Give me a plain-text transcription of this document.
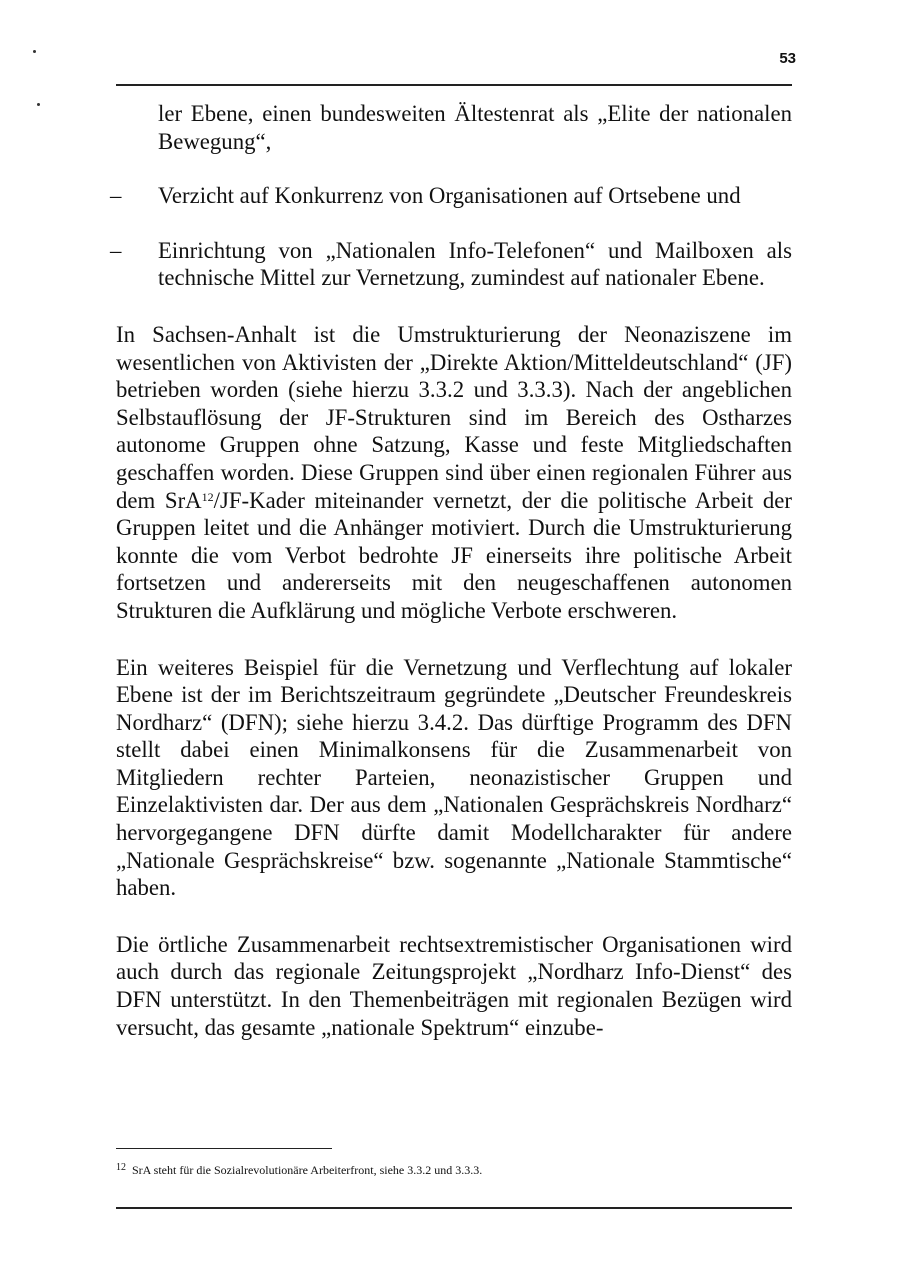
53

ler Ebene, einen bundesweiten Ältestenrat als „Elite der nationalen Bewegung“,

– Verzicht auf Konkurrenz von Organisationen auf Ortsebene und

– Einrichtung von „Nationalen Info-Telefonen“ und Mailboxen als technische Mittel zur Vernetzung, zumindest auf nationaler Ebene.

In Sachsen-Anhalt ist die Umstrukturierung der Neonaziszene im wesentlichen von Aktivisten der „Direkte Aktion/Mitteldeutschland“ (JF) betrieben worden (siehe hierzu 3.3.2 und 3.3.3). Nach der angeblichen Selbstauflösung der JF-Strukturen sind im Bereich des Ostharzes autonome Gruppen ohne Satzung, Kasse und feste Mitgliedschaften geschaffen worden. Diese Gruppen sind über einen regionalen Führer aus dem SrA$^{12}$/JF-Kader miteinander vernetzt, der die politische Arbeit der Gruppen leitet und die Anhänger motiviert. Durch die Umstrukturierung konnte die vom Verbot bedrohte JF einerseits ihre politische Arbeit fortsetzen und andererseits mit den neugeschaffenen autonomen Strukturen die Aufklärung und mögliche Verbote erschweren.

Ein weiteres Beispiel für die Vernetzung und Verflechtung auf lokaler Ebene ist der im Berichtszeitraum gegründete „Deutscher Freundeskreis Nordharz“ (DFN); siehe hierzu 3.4.2. Das dürftige Programm des DFN stellt dabei einen Minimalkonsens für die Zusammenarbeit von Mitgliedern rechter Parteien, neonazistischer Gruppen und Einzelaktivisten dar. Der aus dem „Nationalen Gesprächskreis Nordharz“ hervorgegangene DFN dürfte damit Modellcharakter für andere „Nationale Gesprächskreise“ bzw. sogenannte „Nationale Stammtische“ haben.

Die örtliche Zusammenarbeit rechtsextremistischer Organisationen wird auch durch das regionale Zeitungsprojekt „Nordharz Info-Dienst“ des DFN unterstützt. In den Themenbeiträgen mit regionalen Bezügen wird versucht, das gesamte „nationale Spektrum“ einzube-

$^{12}$ SrA steht für die Sozialrevolutionäre Arbeiterfront, siehe 3.3.2 und 3.3.3.
